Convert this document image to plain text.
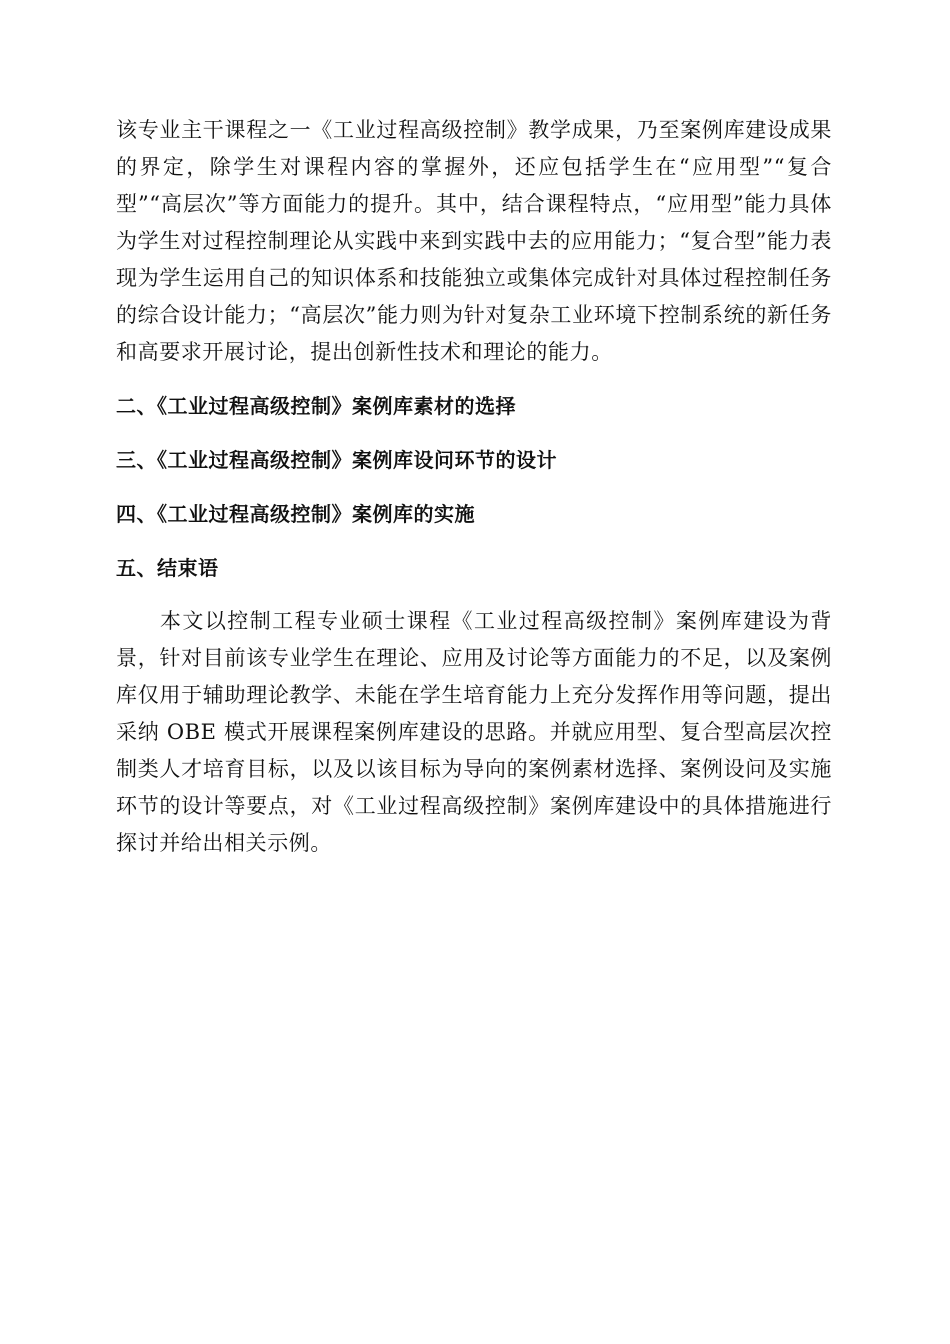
该专业主干课程之一《工业过程高级控制》教学成果，乃至案例库建设成果的界定，除学生对课程内容的掌握外，还应包括学生在“应用型”“复合型”“高层次”等方面能力的提升。其中，结合课程特点，“应用型”能力具体为学生对过程控制理论从实践中来到实践中去的应用能力；“复合型”能力表现为学生运用自己的知识体系和技能独立或集体完成针对具体过程控制任务的综合设计能力；“高层次”能力则为针对复杂工业环境下控制系统的新任务和高要求开展讨论，提出创新性技术和理论的能力。

二、《工业过程高级控制》案例库素材的选择

三、《工业过程高级控制》案例库设问环节的设计

四、《工业过程高级控制》案例库的实施

五、结束语

本文以控制工程专业硕士课程《工业过程高级控制》案例库建设为背景，针对目前该专业学生在理论、应用及讨论等方面能力的不足，以及案例库仅用于辅助理论教学、未能在学生培育能力上充分发挥作用等问题，提出采纳 OBE 模式开展课程案例库建设的思路。并就应用型、复合型高层次控制类人才培育目标，以及以该目标为导向的案例素材选择、案例设问及实施环节的设计等要点，对《工业过程高级控制》案例库建设中的具体措施进行探讨并给出相关示例。
